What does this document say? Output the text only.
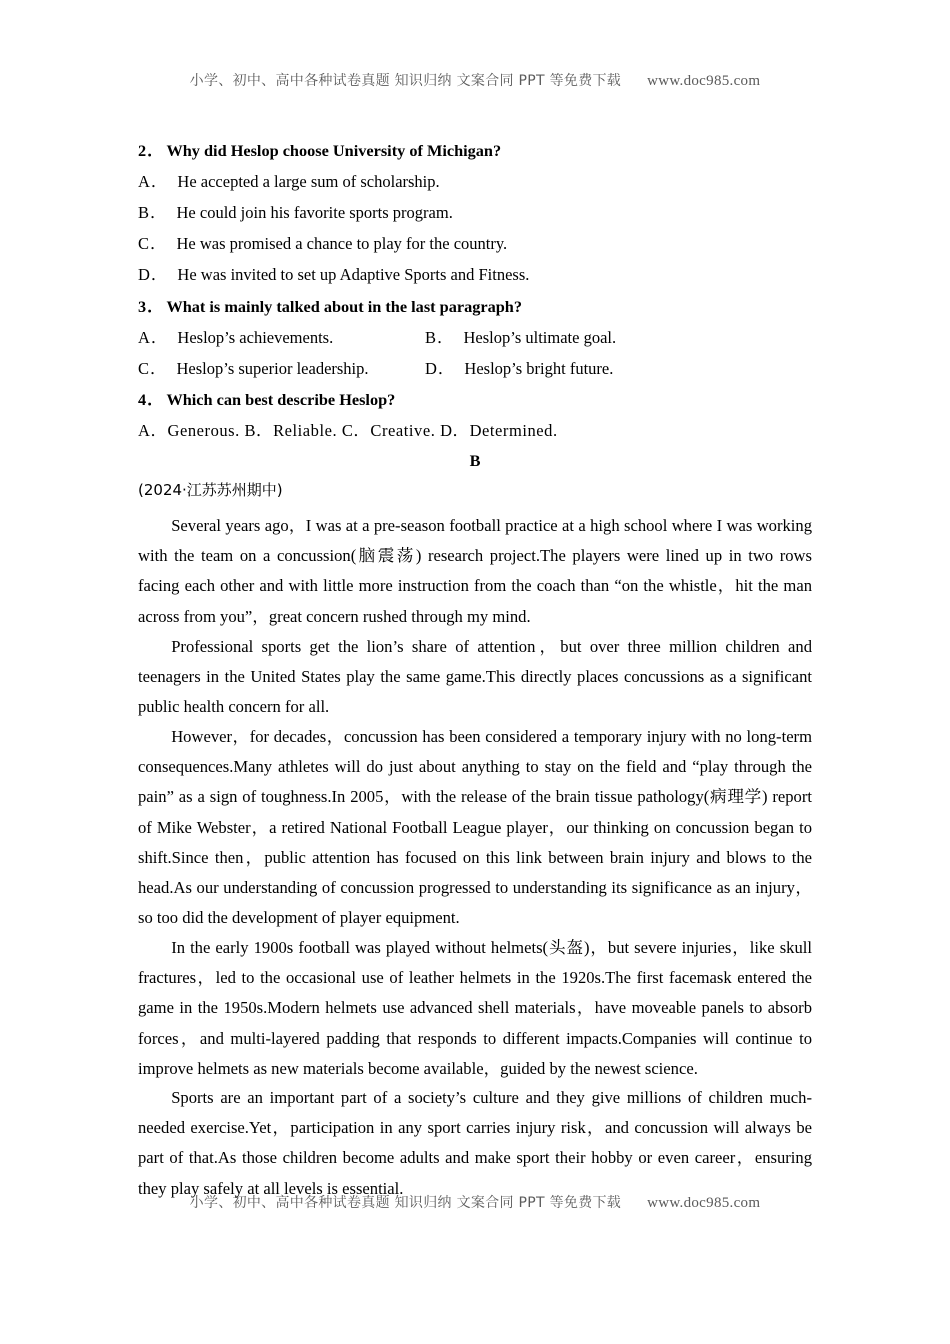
小学、初中、高中各种试卷真题 知识归纳 文案合同 PPT 等免费下载 www.doc985.com
2． Why did Heslop choose University of Michigan?
A． He accepted a large sum of scholarship.
B． He could join his favorite sports program.
C． He was promised a chance to play for the country.
D． He was invited to set up Adaptive Sports and Fitness.
3． What is mainly talked about in the last paragraph?
A． Heslop’s achievements.	B． Heslop’s ultimate goal.
C． Heslop’s superior leadership.	D． Heslop’s bright future.
4． Which can best describe Heslop?
A．Generous. B．Reliable. C．Creative. D．Determined.
B
(2024·江苏苏州期中)

Several years ago，I was at a pre-season football practice at a high school where I was working with the team on a concussion(脑震荡) research project.The players were lined up in two rows facing each other and with little more instruction from the coach than “on the whistle，hit the man across from you”，great concern rushed through my mind.

Professional sports get the lion’s share of attention，but over three million children and teenagers in the United States play the same game.This directly places concussions as a significant public health concern for all.

However，for decades，concussion has been considered a temporary injury with no long-term consequences.Many athletes will do just about anything to stay on the field and “play through the pain” as a sign of toughness.In 2005，with the release of the brain tissue pathology(病理学) report of Mike Webster，a retired National Football League player，our thinking on concussion began to shift.Since then，public attention has focused on this link between brain injury and blows to the head.As our understanding of concussion progressed to understanding its significance as an injury，so too did the development of player equipment.

In the early 1900s football was played without helmets(头盔)，but severe injuries，like skull fractures，led to the occasional use of leather helmets in the 1920s.The first facemask entered the game in the 1950s.Modern helmets use advanced shell materials，have moveable panels to absorb forces，and multi-layered padding that responds to different impacts.Companies will continue to improve helmets as new materials become available，guided by the newest science.

Sports are an important part of a society’s culture and they give millions of children much-needed exercise.Yet，participation in any sport carries injury risk，and concussion will always be part of that.As those children become adults and make sport their hobby or even career，ensuring they play safely at all levels is essential.

小学、初中、高中各种试卷真题 知识归纳 文案合同 PPT 等免费下载 www.doc985.com
